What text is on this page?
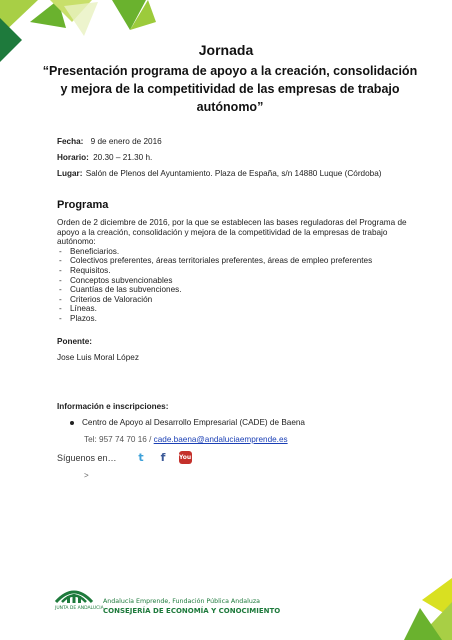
Jornada
“Presentación programa de apoyo a la creación, consolidación y mejora de la competitividad de las empresas de trabajo autónomo”
Fecha: 9 de enero de 2016
Horario: 20.30 – 21.30 h.
Lugar: Salón de Plenos del Ayuntamiento. Plaza de España, s/n 14880 Luque (Córdoba)
Programa
Orden de 2 diciembre de 2016, por la que se establecen las bases reguladoras del Programa de apoyo a la creación, consolidación y mejora de la competitividad de la empresas de trabajo autónomo:
- Beneficiarios.
- Colectivos preferentes, áreas territoriales preferentes, áreas de empleo preferentes
- Requisitos.
- Conceptos subvencionables
- Cuantías de las subvenciones.
- Criterios de Valoración
- Líneas.
- Plazos.
Ponente:
Jose Luis Moral López
Información e inscripciones:
Centro de Apoyo al Desarrollo Empresarial (CADE) de Baena
Tel: 957 74 70 16 / cade.baena@andaluciaemprende.es
Síguenos en…	t	f	You
>
JUNTA DE ANDALUCIA
Andalucía Emprende, Fundación Pública Andaluza
CONSEJERÍA DE ECONOMÍA Y CONOCIMIENTO
